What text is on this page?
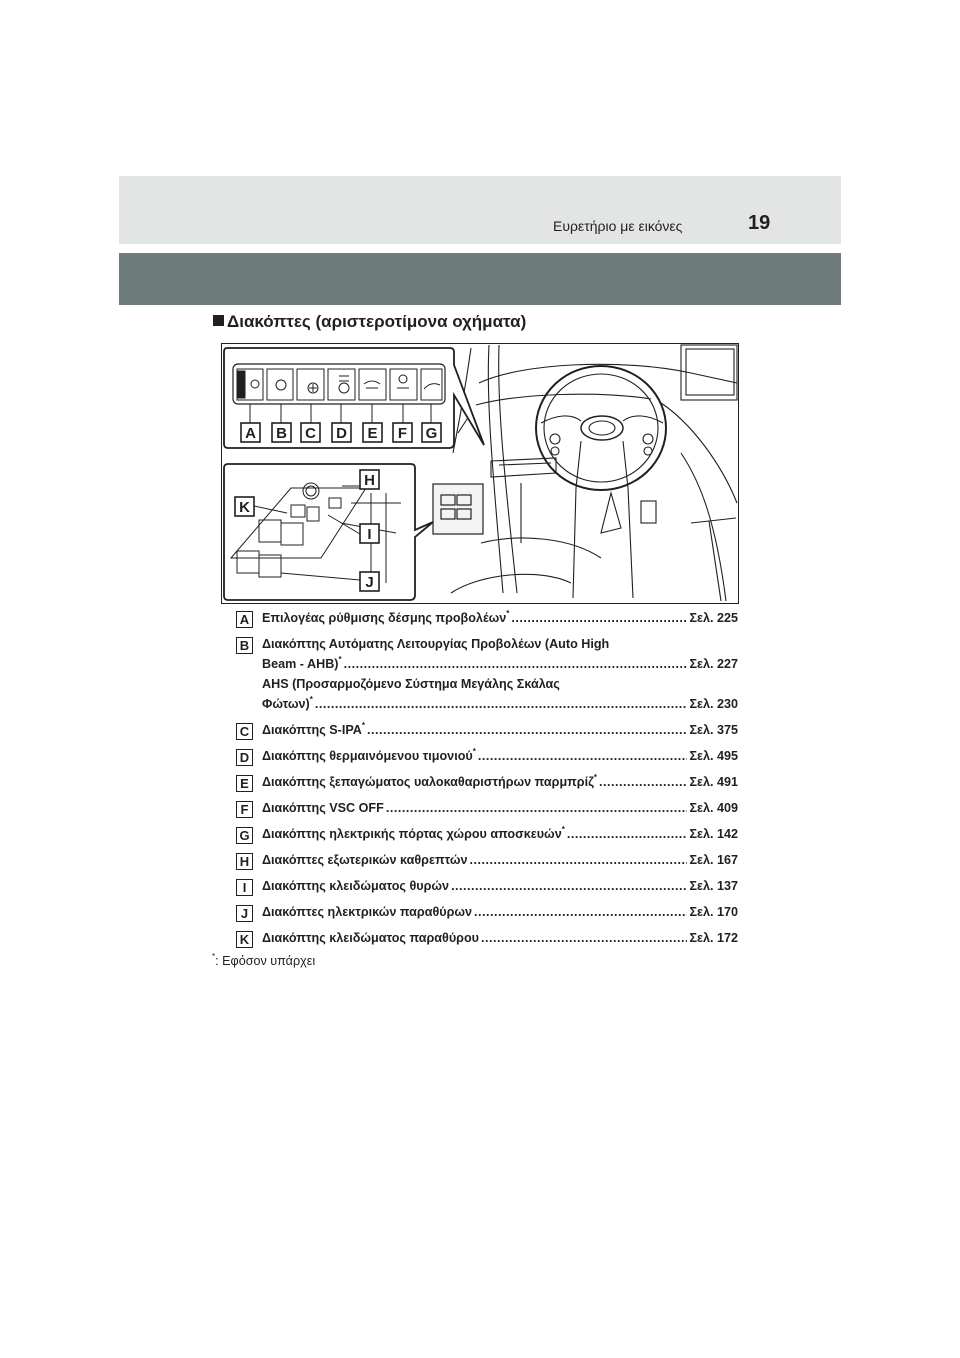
Ευρετήριο με εικόνες	19
Διακόπτες (αριστεροτίμονα οχήματα)
A B C D E F G
H
I
J
K
A	Επιλογέας ρύθμισης δέσμης προβολέων* .....	Σελ. 225
B	Διακόπτης Αυτόματης Λειτουργίας Προβολέων (Auto High
Beam - AHB)* .....	Σελ. 227
AHS (Προσαρμοζόμενο Σύστημα Μεγάλης Σκάλας
Φώτων)* .....	Σελ. 230
C	Διακόπτης S-IPA* .....	Σελ. 375
D	Διακόπτης θερμαινόμενου τιμονιού* .....	Σελ. 495
E	Διακόπτης ξεπαγώματος υαλοκαθαριστήρων παρμπρίζ* .....	Σελ. 491
F	Διακόπτης VSC OFF .....	Σελ. 409
G Διακόπτης ηλεκτρικής πόρτας χώρου αποσκευών* .....	Σελ. 142
H	Διακόπτες εξωτερικών καθρεπτών .....	Σελ. 167
I	Διακόπτης κλειδώματος θυρών .....	Σελ. 137
J	Διακόπτες ηλεκτρικών παραθύρων .....	Σελ. 170
K	Διακόπτης κλειδώματος παραθύρου .....	Σελ. 172
*: Εφόσον υπάρχει
